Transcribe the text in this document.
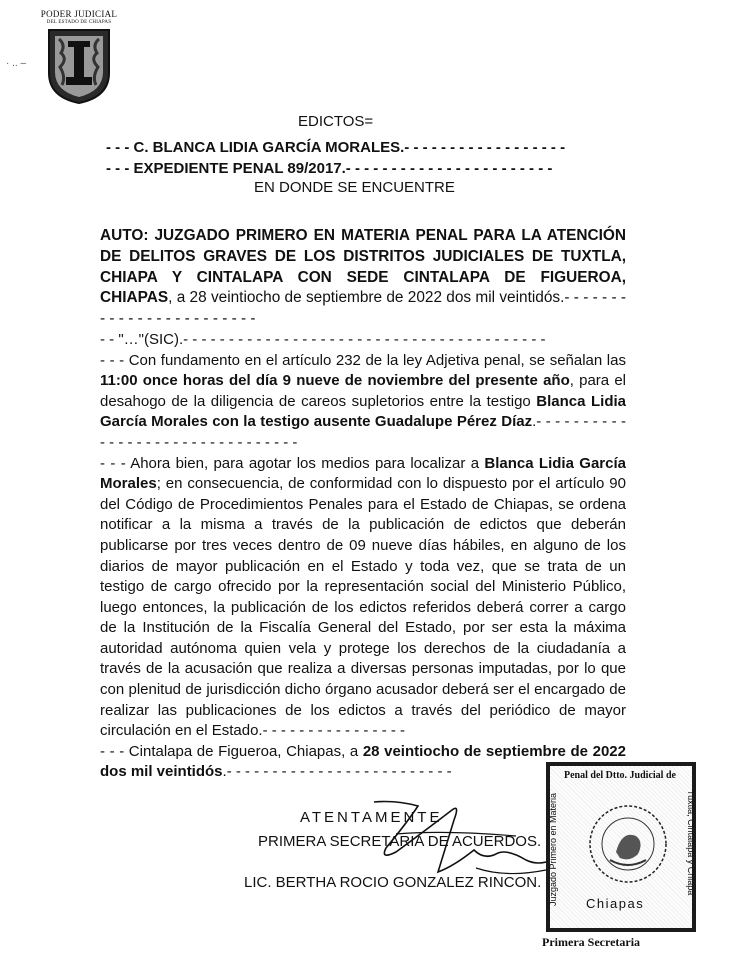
· .. –
PODER JUDICIAL
DEL ESTADO DE CHIAPAS
EDICTOS=
- - - C. BLANCA LIDIA GARCÍA MORALES.- - - - - - - - - - - - - - - - - -
- - - EXPEDIENTE PENAL 89/2017.- - - - - - - - - - - - - - - - - - - - - - -
EN DONDE SE ENCUENTRE

AUTO: JUZGADO PRIMERO EN MATERIA PENAL PARA LA ATENCIÓN DE DELITOS GRAVES DE LOS DISTRITOS JUDICIALES DE TUXTLA, CHIAPA Y CINTALAPA CON SEDE CINTALAPA DE FIGUEROA, CHIAPAS, a 28 veintiocho de septiembre de 2022 dos mil veintidós.- - - - - - - - - - - - - - - - - - - - - - - -

- - "…"(SIC).- - - - - - - - - - - - - - - - - - - - - - - - - - - - - - - - - - - - - - - -

- - - Con fundamento en el artículo 232 de la ley Adjetiva penal, se señalan las 11:00 once horas del día 9 nueve de noviembre del presente año, para el desahogo de la diligencia de careos supletorios entre la testigo Blanca Lidia García Morales con la testigo ausente Guadalupe Pérez Díaz.- - - - - - - - - - - - - - - - - - - - - - - - - - - - - - - -

- - - Ahora bien, para agotar los medios para localizar a Blanca Lidia García Morales; en consecuencia, de conformidad con lo dispuesto por el artículo 90 del Código de Procedimientos Penales para el Estado de Chiapas, se ordena notificar a la misma a través de la publicación de edictos que deberán publicarse por tres veces dentro de 09 nueve días hábiles, en alguno de los diarios de mayor publicación en el Estado y toda vez, que se trata de un testigo de cargo ofrecido por la representación social del Ministerio Público, luego entonces, la publicación de los edictos referidos deberá correr a cargo de la Institución de la Fiscalía General del Estado, por ser esta la máxima autoridad autónoma quien vela y protege los derechos de la ciudadanía a través de la acusación que realiza a diversas personas imputadas, por lo que con plenitud de jurisdicción dicho órgano acusador deberá ser el encargado de realizar las publicaciones de los edictos a través del periódico de mayor circulación en el Estado.- - - - - - - - - - - - - - - -

- - - Cintalapa de Figueroa, Chiapas, a 28 veintiocho de septiembre de 2022 dos mil veintidós.- - - - - - - - - - - - - - - - - - - - - - - - -

ATENTAMENTE
PRIMERA SECRETARIA DE ACUERDOS.
LIC. BERTHA ROCIO GONZALEZ RINCON.
Penal del Dtto. Judicial de
Juzgado Primero en Materia	Tuxtla, Cintalapa y Chiapa
Chiapas
Primera Secretaria
